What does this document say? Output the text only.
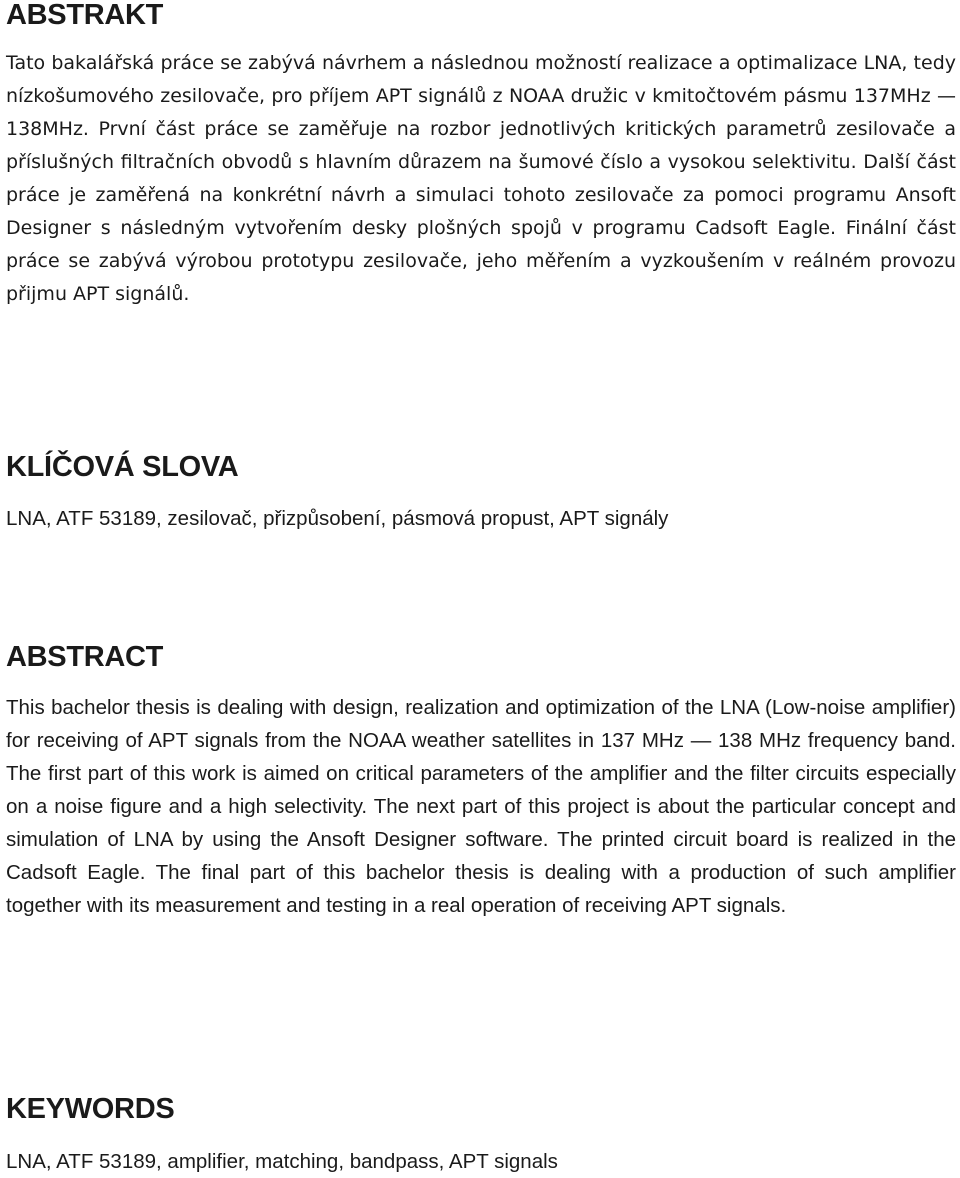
ABSTRAKT

Tato bakalářská práce se zabývá návrhem a následnou možností realizace a optimalizace LNA, tedy nízkošumového zesilovače, pro příjem APT signálů z NOAA družic v kmitočtovém pásmu 137MHz — 138MHz. První část práce se zaměřuje na rozbor jednotlivých kritických parametrů zesilovače a příslušných filtračních obvodů s hlavním důrazem na šumové číslo a vysokou selektivitu. Další část práce je zaměřená na konkrétní návrh a simulaci tohoto zesilovače za pomoci programu Ansoft Designer s následným vytvořením desky plošných spojů v programu Cadsoft Eagle. Finální část práce se zabývá výrobou prototypu zesilovače, jeho měřením a vyzkoušením v reálném provozu přijmu APT signálů.

KLÍČOVÁ SLOVA

LNA, ATF 53189, zesilovač, přizpůsobení, pásmová propust, APT signály

ABSTRACT

This bachelor thesis is dealing with design, realization and optimization of the LNA (Low-noise amplifier) for receiving of APT signals from the NOAA weather satellites in 137 MHz — 138 MHz frequency band. The first part of this work is aimed on critical parameters of the amplifier and the filter circuits especially on a noise figure and a high selectivity. The next part of this project is about the particular concept and simulation of LNA by using the Ansoft Designer software. The printed circuit board is realized in the Cadsoft Eagle. The final part of this bachelor thesis is dealing with a production of such amplifier together with its measurement and testing in a real operation of receiving APT signals.

KEYWORDS

LNA, ATF 53189, amplifier, matching, bandpass, APT signals
